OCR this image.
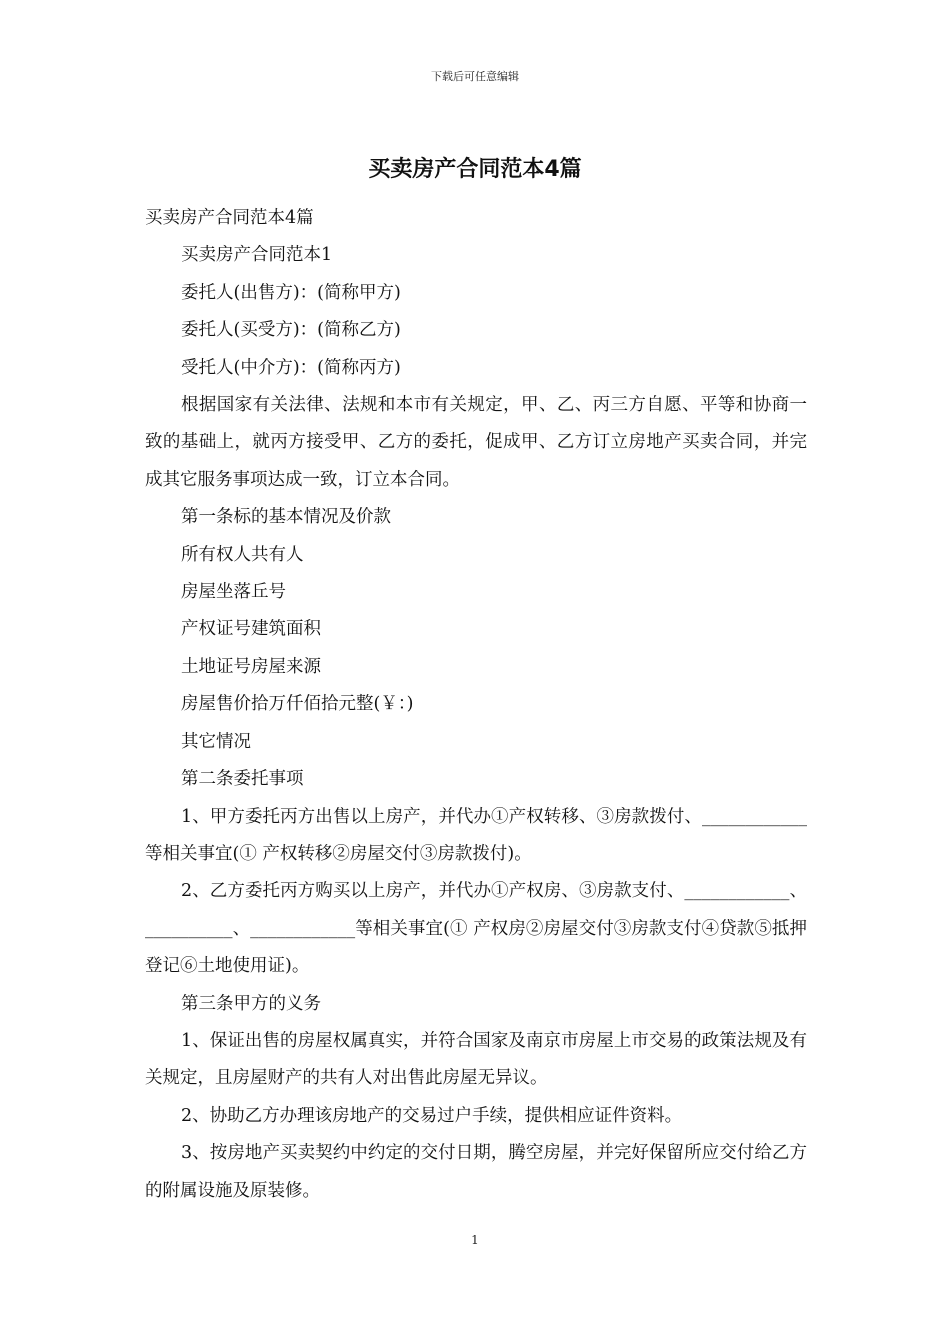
下载后可任意编辑
买卖房产合同范本4篇

买卖房产合同范本4篇

买卖房产合同范本1

委托人(出售方)：(简称甲方)

委托人(买受方)：(简称乙方)

受托人(中介方)：(简称丙方)

根据国家有关法律、法规和本市有关规定，甲、乙、丙三方自愿、平等和协商一致的基础上，就丙方接受甲、乙方的委托，促成甲、乙方订立房地产买卖合同，并完成其它服务事项达成一致，订立本合同。

第一条标的基本情况及价款

所有权人共有人

房屋坐落丘号

产权证号建筑面积

土地证号房屋来源

房屋售价拾万仟佰拾元整(￥：)

其它情况

第二条委托事项

1、甲方委托丙方出售以上房产，并代办①产权转移、③房款拨付、____________等相关事宜(① 产权转移②房屋交付③房款拨付)。

2、乙方委托丙方购买以上房产，并代办①产权房、③房款支付、____________、__________、____________等相关事宜(① 产权房②房屋交付③房款支付④贷款⑤抵押登记⑥土地使用证)。

第三条甲方的义务

1、保证出售的房屋权属真实，并符合国家及南京市房屋上市交易的政策法规及有关规定，且房屋财产的共有人对出售此房屋无异议。

2、协助乙方办理该房地产的交易过户手续，提供相应证件资料。

3、按房地产买卖契约中约定的交付日期，腾空房屋，并完好保留所应交付给乙方的附属设施及原装修。

1
